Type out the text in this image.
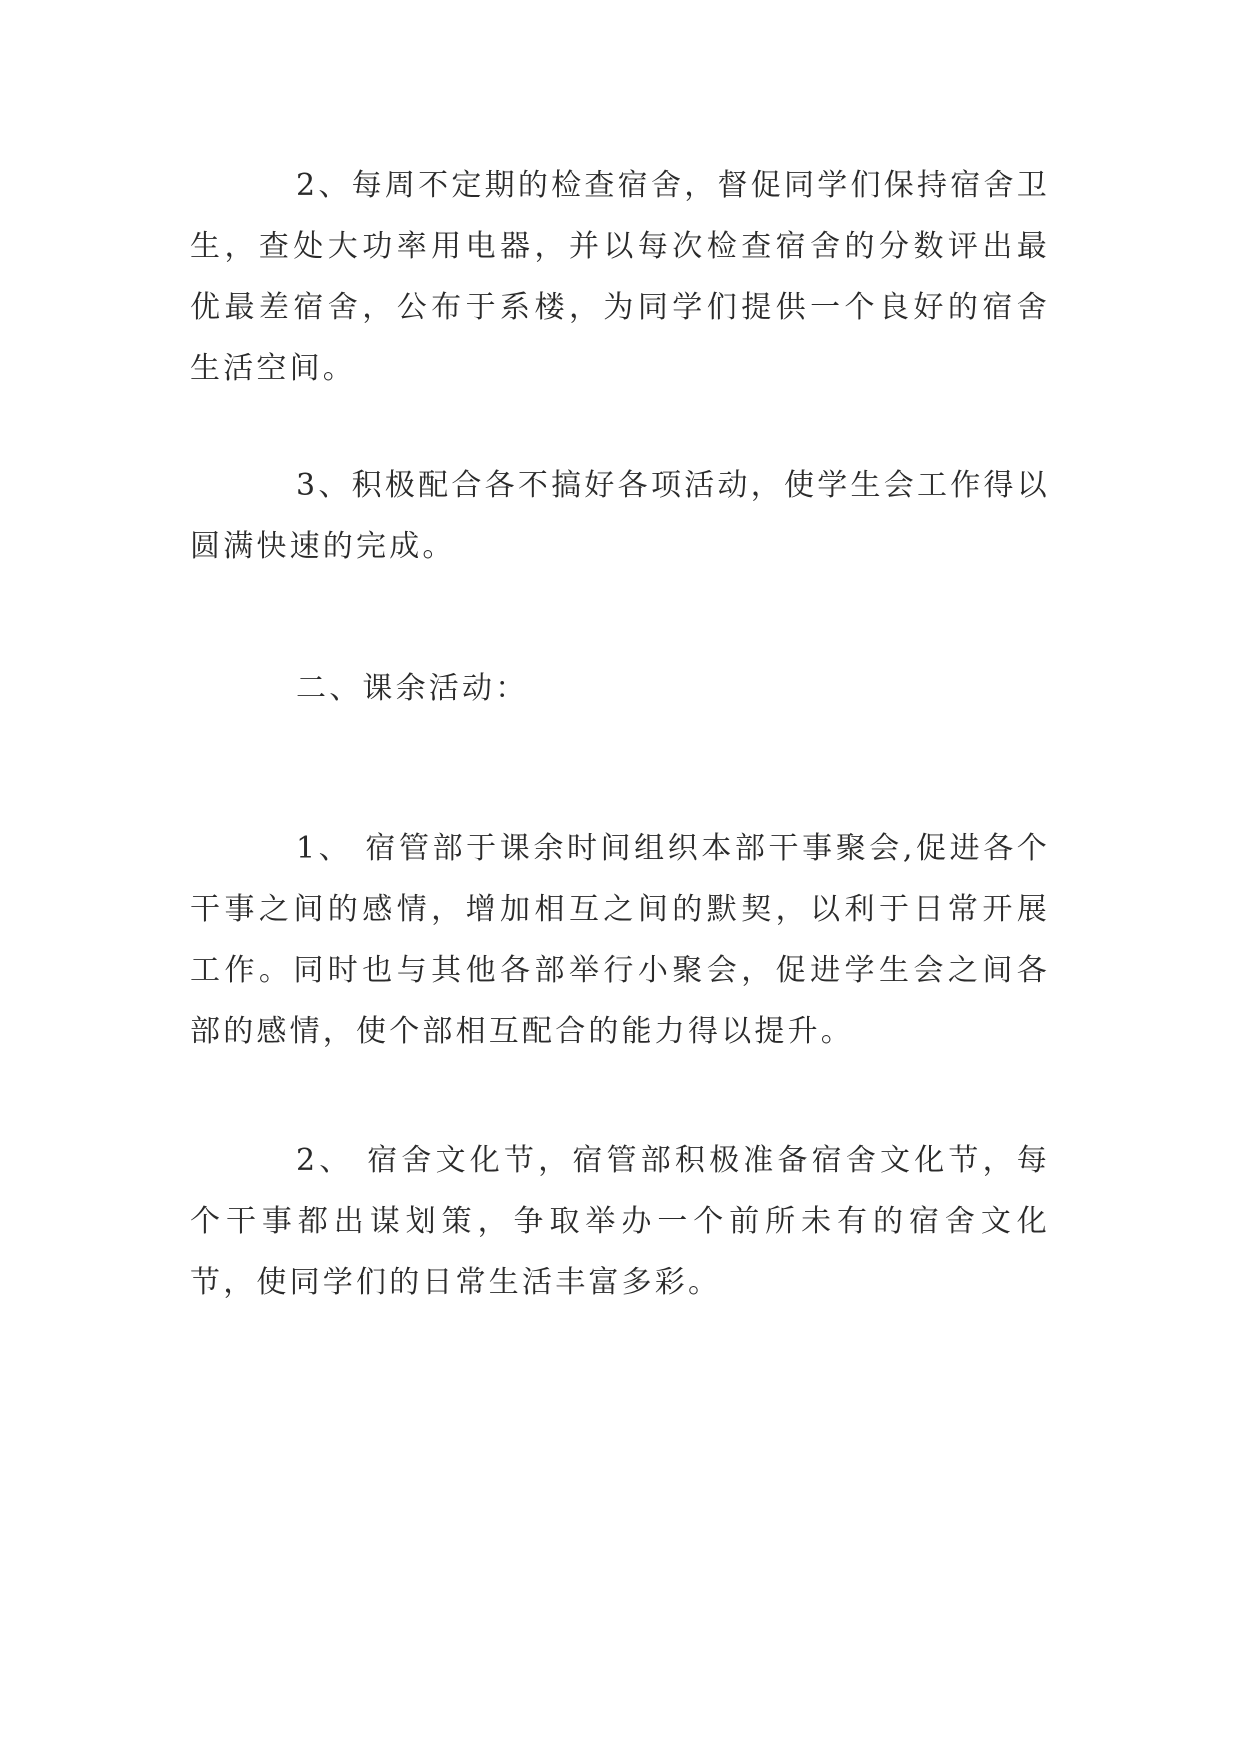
2、每周不定期的检查宿舍，督促同学们保持宿舍卫生，查处大功率用电器，并以每次检查宿舍的分数评出最优最差宿舍，公布于系楼，为同学们提供一个良好的宿舍生活空间。

3、积极配合各不搞好各项活动，使学生会工作得以圆满快速的完成。

二、课余活动：

1、 宿管部于课余时间组织本部干事聚会,促进各个干事之间的感情，增加相互之间的默契，以利于日常开展工作。同时也与其他各部举行小聚会，促进学生会之间各部的感情，使个部相互配合的能力得以提升。

2、 宿舍文化节，宿管部积极准备宿舍文化节，每个干事都出谋划策，争取举办一个前所未有的宿舍文化节，使同学们的日常生活丰富多彩。
